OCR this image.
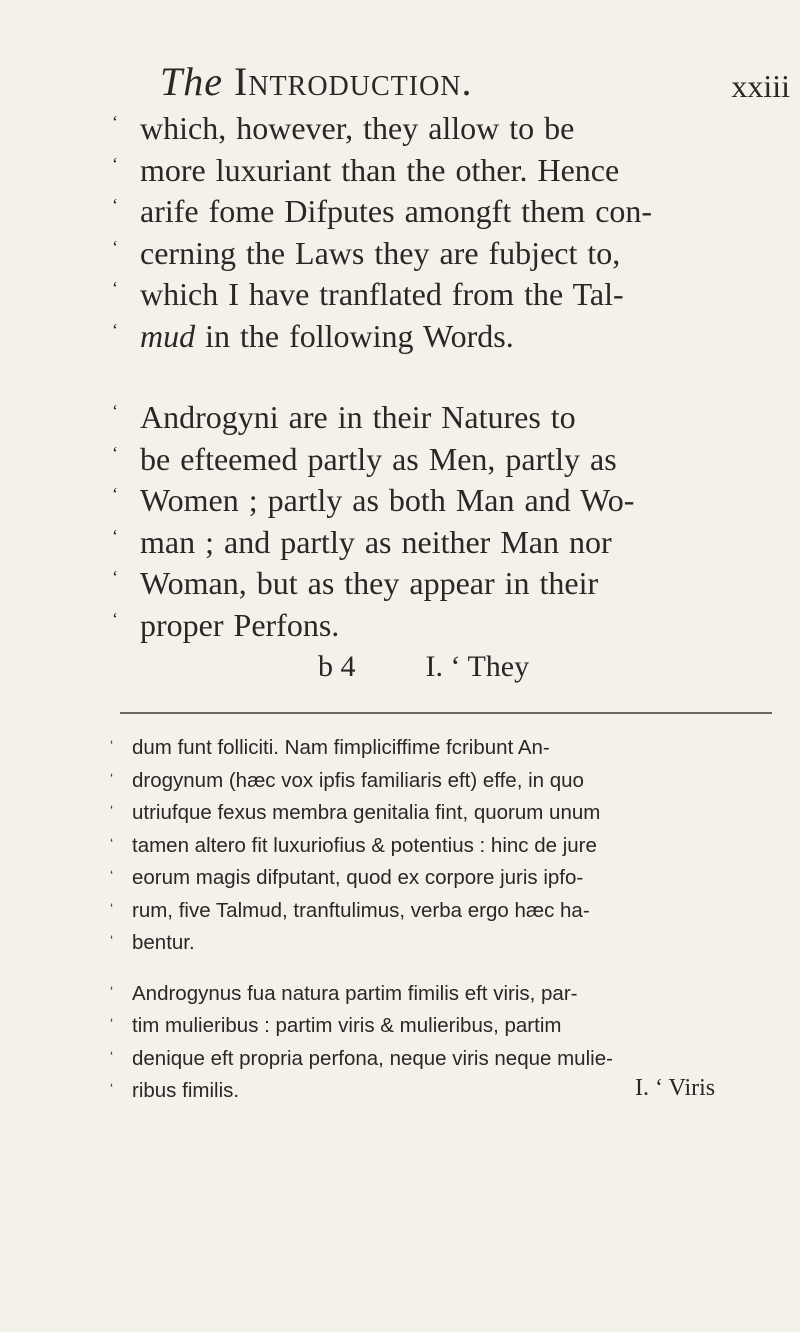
The Introduction.	xxiii
‘ which, however, they allow to be
‘ more luxuriant than the other. Hence
‘ arife fome Difputes amongft them con-
‘ cerning the Laws they are fubject to,
‘ which I have tranflated from the Tal-
‘ mud in the following Words.
‘ Androgyni are in their Natures to
‘ be efteemed partly as Men, partly as
‘ Women ; partly as both Man and Wo-
‘ man ; and partly as neither Man nor
‘ Woman, but as they appear in their
‘ proper Perfons.
b 4 I. ‘ They
‘ dum funt folliciti. Nam fimpliciffime fcribunt An-
‘ drogynum (hæc vox ipfis familiaris eft) effe, in quo
‘ utriufque fexus membra genitalia fint, quorum unum
‘ tamen altero fit luxuriofius & potentius : hinc de jure
‘ eorum magis difputant, quod ex corpore juris ipfo-
‘ rum, five Talmud, tranftulimus, verba ergo hæc ha-
‘ bentur.
‘ Androgynus fua natura partim fimilis eft viris, par-
‘ tim mulieribus : partim viris & mulieribus, partim
‘ denique eft propria perfona, neque viris neque mulie-
‘ ribus fimilis.	I. ‘ Viris
